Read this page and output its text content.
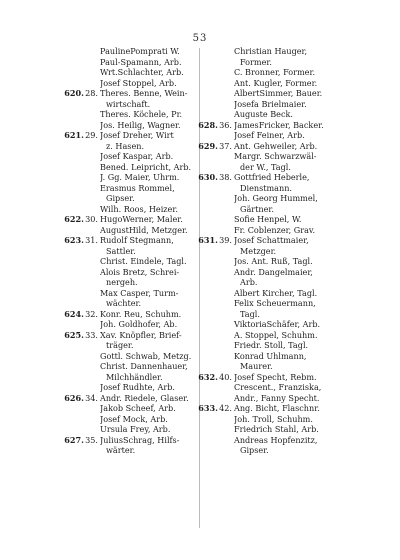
53
PaulinePomprati W.
Paul-Spamann, Arb.
Wrt.Schlachter, Arb.
Josef Stoppel, Arb.
620. 28. Theres. Benne, Wein-
wirtschaft.
Theres. Köchele, Pr.
Jos. Heilig, Wagner.
621. 29. Josef Dreher, Wirt
z. Hasen.
Josef Kaspar, Arb.
Bened. Leipricht, Arb.
J. Gg. Maier, Uhrm.
Erasmus Rommel,
Gipser.
Wilh. Roos, Heizer.
622. 30. HugoWerner, Maler.
AugustHild, Metzger.
623. 31. Rudolf Stegmann,
Sattler.
Christ. Eindele, Tagl.
Alois Bretz, Schrei-
nergeh.
Max Casper, Turm-
wächter.
624. 32. Konr. Reu, Schuhm.
Joh. Goldhofer, Ab.
625. 33. Xav. Knöpfler, Brief-
träger.
Gottl. Schwab, Metzg.
Christ. Dannenhauer,
Milchhändler.
Josef Rudhte, Arb.
626. 34. Andr. Riedele, Glaser.
Jakob Scheef, Arb.
Josef Mock, Arb.
Ursula Frey, Arb.
627. 35. JuliusSchrag, Hilfs-
wärter.
Christian Hauger,
Former.
C. Bronner, Former.
Ant. Kugler, Former.
AlbertSimmer, Bauer.
Josefa Brielmaier.
Auguste Beck.
628. 36. JamesFricker, Backer.
Josef Feiner, Arb.
629. 37. Ant. Gehweiler, Arb.
Margr. Schwarzwäl-
der W., Tagl.
630. 38. Gottfried Heberle,
Dienstmann.
Joh. Georg Hummel,
Gärtner.
Sofie Henpel, W.
Fr. Coblenzer, Grav.
631. 39. Josef Schattmaier,
Metzger.
Jos. Ant. Ruß, Tagl.
Andr. Dangelmaier,
Arb.
Albert Kircher, Tagl.
Felix Scheuermann,
Tagl.
ViktoriaSchäfer, Arb.
A. Stoppel, Schuhm.
Friedr. Stoll, Tagl.
Konrad Uhlmann,
Maurer.
632. 40. Josef Specht, Rebm.
Crescent., Franziska,
Andr., Fanny Specht.
633. 42. Ang. Bicht, Flaschnr.
Joh. Troll, Schuhm.
Friedrich Stahl, Arb.
Andreas Hopfenzitz,
Gipser.
